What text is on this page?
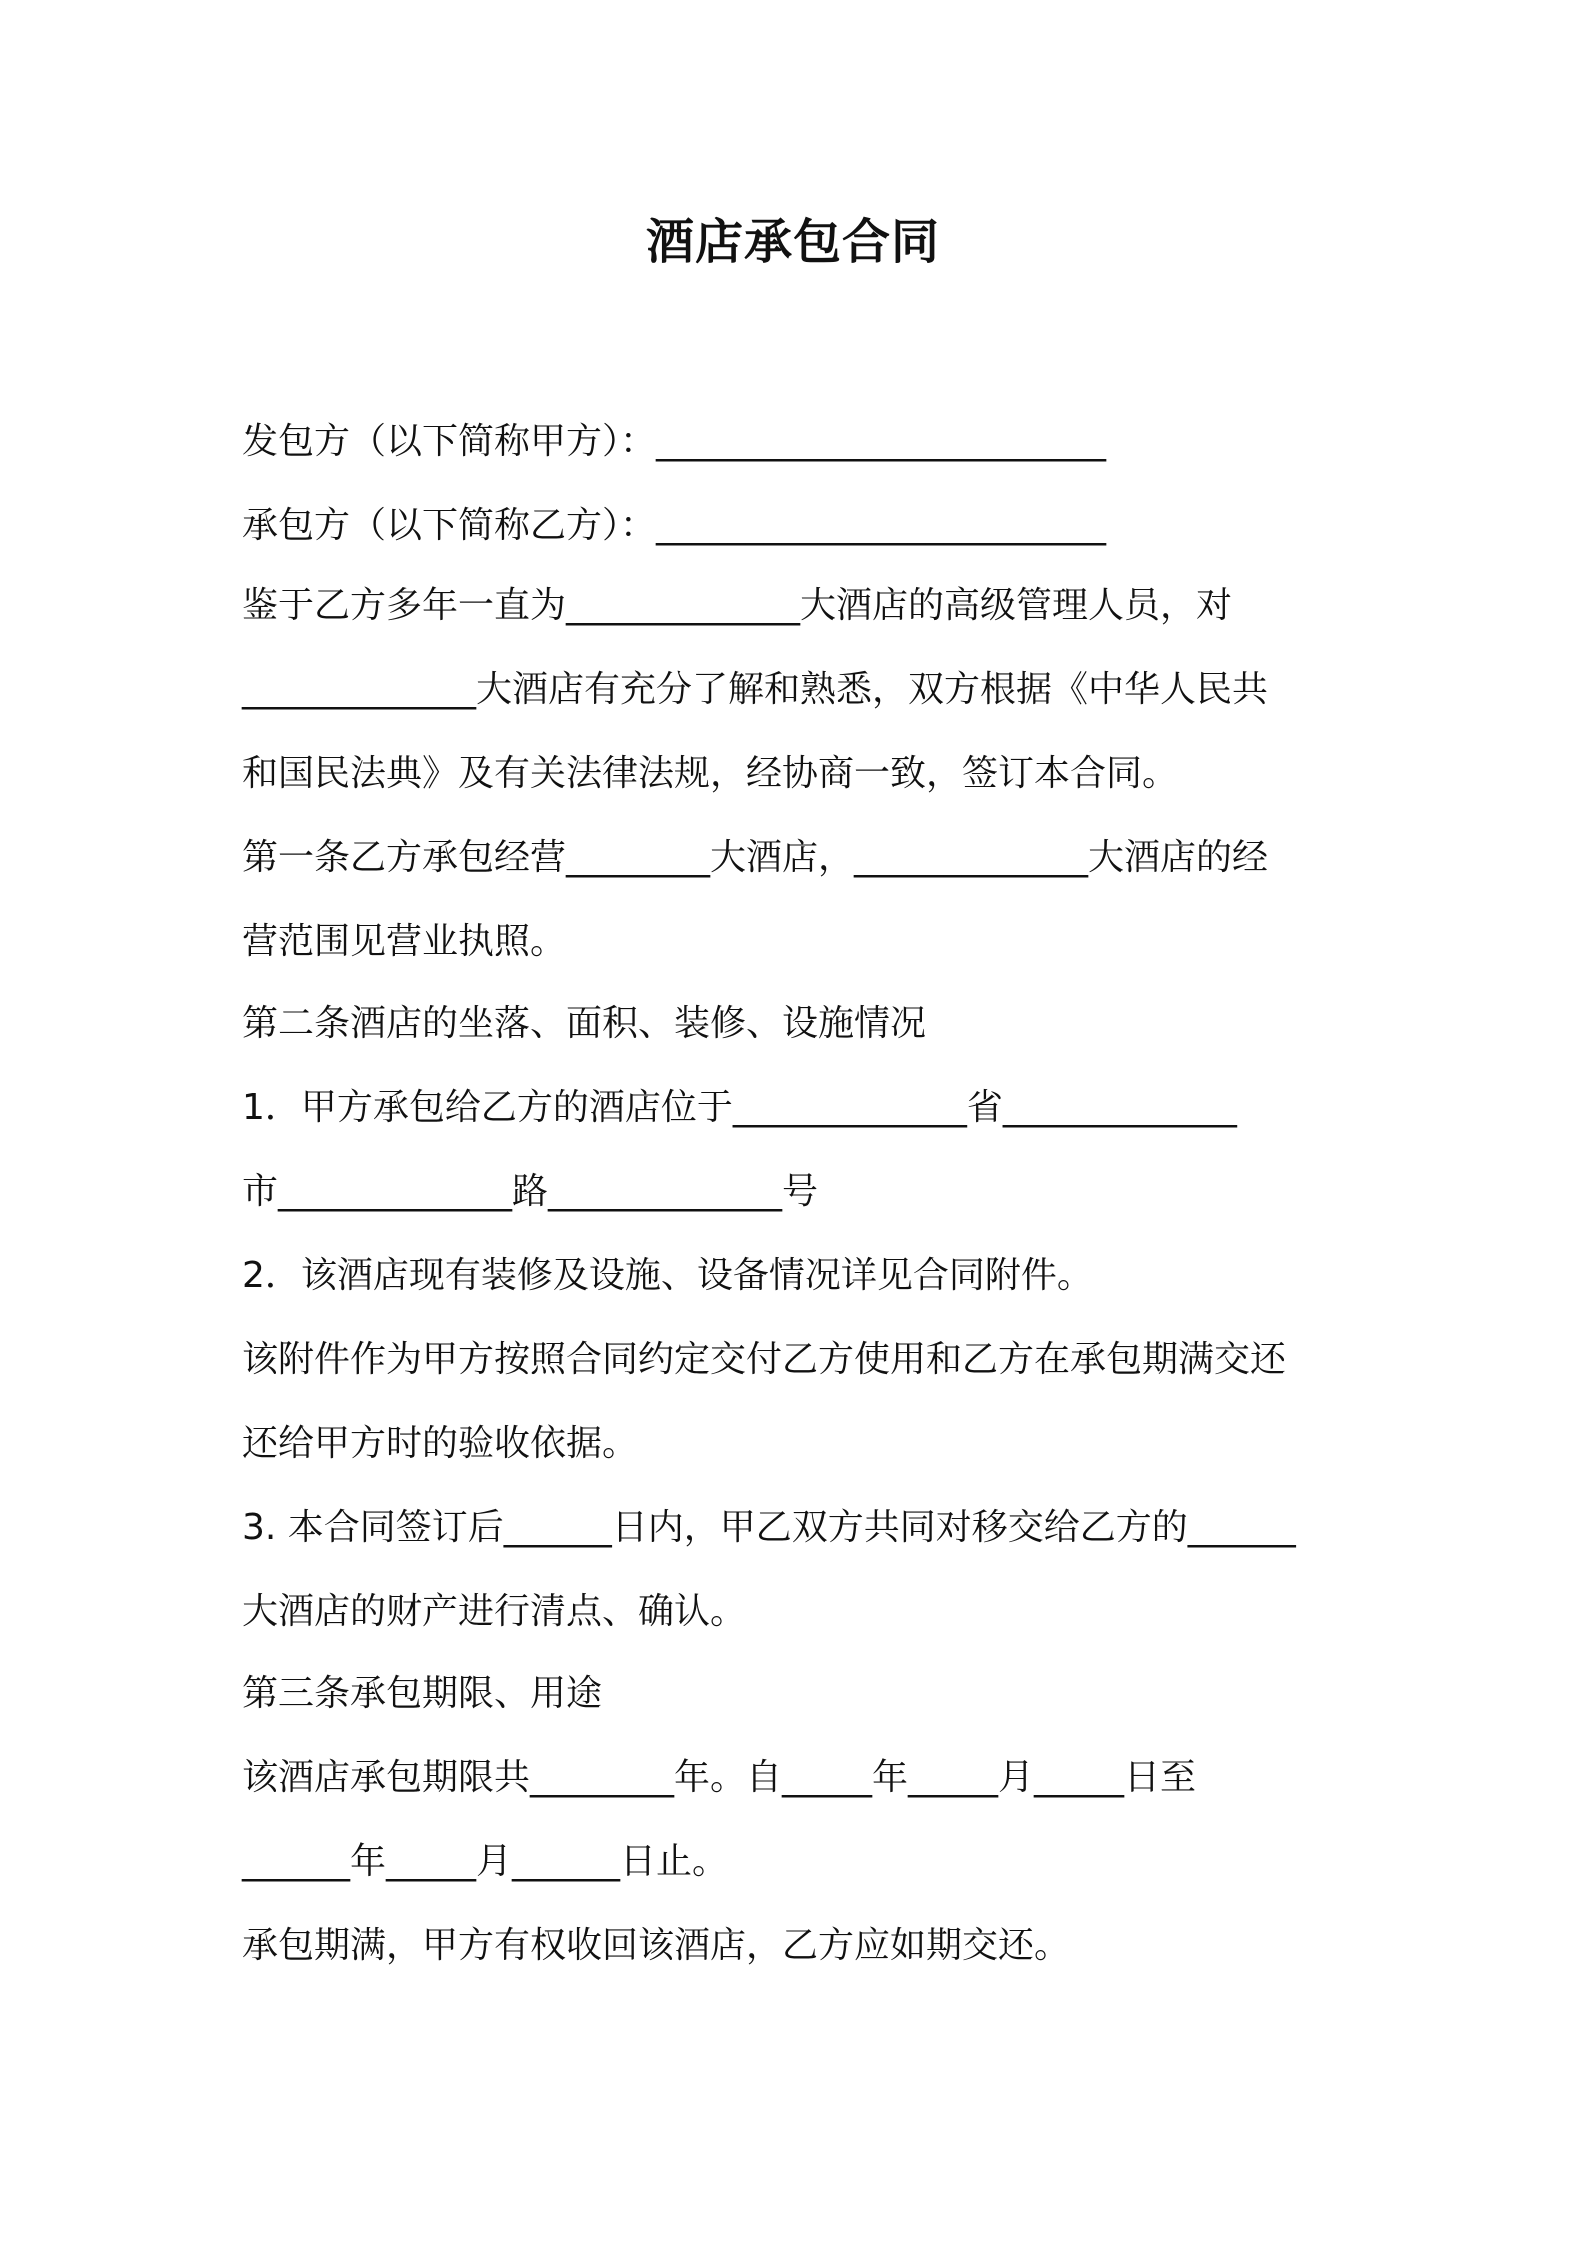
酒店承包合同

发包方（以下简称甲方）：_________________________

承包方（以下简称乙方）：_________________________

鉴于乙方多年一直为_____________大酒店的高级管理人员，对

_____________大酒店有充分了解和熟悉，双方根据《中华人民共

和国民法典》及有关法律法规，经协商一致，签订本合同。

第一条乙方承包经营________大酒店，_____________大酒店的经

营范围见营业执照。

第二条酒店的坐落、面积、装修、设施情况

1．甲方承包给乙方的酒店位于_____________省_____________

市_____________路_____________号

2．该酒店现有装修及设施、设备情况详见合同附件。

该附件作为甲方按照合同约定交付乙方使用和乙方在承包期满交还

还给甲方时的验收依据。

3. 本合同签订后______日内，甲乙双方共同对移交给乙方的______

大酒店的财产进行清点、确认。

第三条承包期限、用途

该酒店承包期限共________年。自_____年_____月_____日至

______年_____月______日止。

承包期满，甲方有权收回该酒店，乙方应如期交还。
